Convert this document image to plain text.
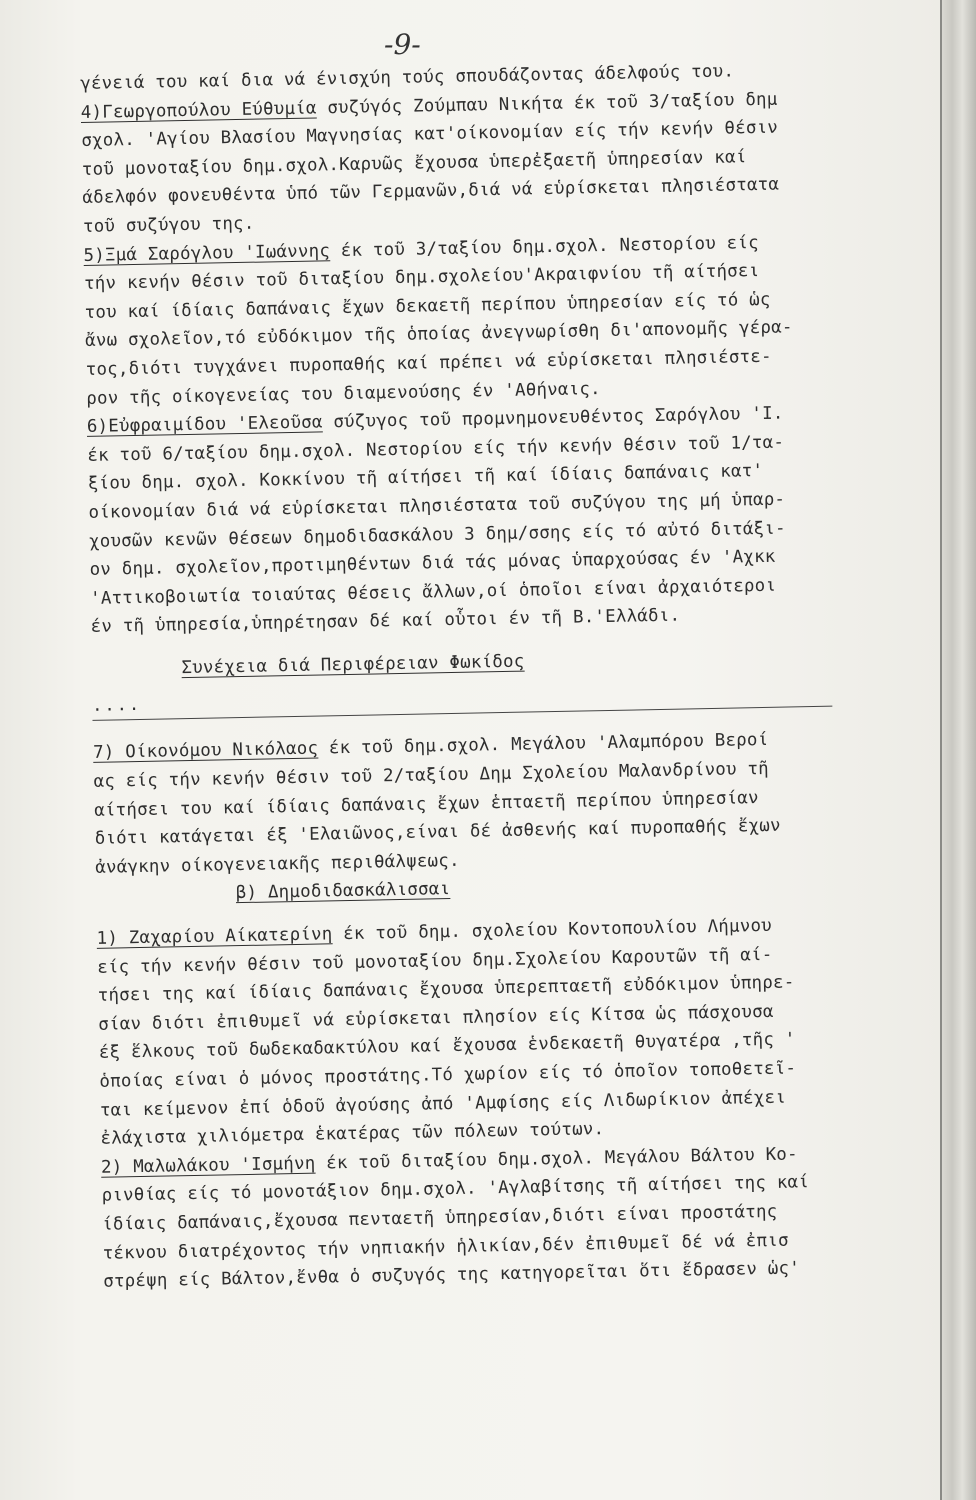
-9-
γένειά του καί δια νά ένισχύη τούς σπουδάζοντας άδελφούς του.
4)Γεωργοπούλου Εύθυμία συζύγός Ζούμπαυ Νικήτα έκ τοῦ 3/ταξίου δημ
σχολ. 'Αγίου Βλασίου Μαγνησίας κατ'οίκονομίαν είς τήν κενήν θέσιν
τοῦ μονοταξίου δημ.σχολ.Καρυῶς ἔχουσα ὑπερἐξαετῆ ὑπηρεσίαν καί
άδελφόν φονευθέντα ὑπό τῶν Γερμανῶν,διά νά εὑρίσκεται πλησιέστατα
τοῦ συζύγου της.
5)Ξμά Σαρόγλου 'Ιωάννης έκ τοῦ 3/ταξίου δημ.σχολ. Νεστορίου είς
τήν κενήν θέσιν τοῦ διταξίου δημ.σχολείου'Ακραιφνίου τῆ αίτήσει
του καί ίδίαις δαπάναις ἔχων δεκαετῆ περίπου ὑπηρεσίαν είς τό ὡς
ἄνω σχολεῖον,τό εὐδόκιμον τῆς ὁποίας ἀνεγνωρίσθη δι'απονομῆς γέρα-
τος,διότι τυγχάνει πυροπαθής καί πρέπει νά εὑρίσκεται πλησιέστε-
ρον τῆς οίκογενείας του διαμενούσης έν 'Αθήναις.
6)Εὐφραιμίδου 'Ελεοῦσα σύζυγος τοῦ προμνημονευθέντος Σαρόγλου 'Ι.
έκ τοῦ 6/ταξίου δημ.σχολ. Νεστορίου είς τήν κενήν θέσιν τοῦ 1/τα-
ξίου δημ. σχολ. Κοκκίνου τῆ αίτήσει τῆ καί ίδίαις δαπάναις κατ'
οίκονομίαν διά νά εὑρίσκεται πλησιέστατα τοῦ συζύγου της μή ὑπαρ-
χουσῶν κενῶν θέσεων δημοδιδασκάλου 3 δημ/σσης είς τό αὐτό διτάξι-
ον δημ. σχολεῖον,προτιμηθέντων διά τάς μόνας ὑπαρχούσας έν 'Αχκκ
'Αττικοβοιωτία τοιαύτας θέσεις ἄλλων,οί ὁποῖοι είναι ἀρχαιότεροι
έν τῆ ὑπηρεσία,ὑπηρέτησαν δέ καί οὗτοι έν τῆ Β.'Ελλάδι.
Συνέχεια διά Περιφέρειαν Φωκίδος
....
7) Οίκονόμου Νικόλαος έκ τοῦ δημ.σχολ. Μεγάλου 'Αλαμπόρου Βεροί
ας είς τήν κενήν θέσιν τοῦ 2/ταξίου Δημ Σχολείου Μαλανδρίνου τῆ
αίτήσει του καί ίδίαις δαπάναις ἔχων ἑπταετῆ περίπου ὑπηρεσίαν
διότι κατάγεται έξ 'Ελαιῶνος,είναι δέ ἀσθενής καί πυροπαθής ἔχων
ἀνάγκην οίκογενειακῆς περιθάλψεως.
β) Δημοδιδασκάλισσαι
1) Ζαχαρίου Αίκατερίνη έκ τοῦ δημ. σχολείου Κοντοπουλίου Λήμνου
είς τήν κενήν θέσιν τοῦ μονοταξίου δημ.Σχολείου Καρουτῶν τῆ αί-
τήσει της καί ίδίαις δαπάναις ἔχουσα ὑπερεπταετῆ εὐδόκιμον ὑπηρε-
σίαν διότι ἐπιθυμεῖ νά εὑρίσκεται πλησίον είς Κίτσα ὡς πάσχουσα
έξ ἕλκους τοῦ δωδεκαδακτύλου καί ἔχουσα ἑνδεκαετῆ θυγατέρα ,τῆς '
ὁποίας είναι ὁ μόνος προστάτης.Τό χωρίον είς τό ὁποῖον τοποθετεῖ-
ται κείμενον ἐπί ὁδοῦ ἀγούσης ἀπό 'Αμφίσης είς Λιδωρίκιον ἀπέχει
ἐλάχιστα χιλιόμετρα ἑκατέρας τῶν πόλεων τούτων.
2) Μαλωλάκου 'Ισμήνη έκ τοῦ διταξίου δημ.σχολ. Μεγάλου Βάλτου Κο-
ρινθίας είς τό μονοτάξιον δημ.σχολ. 'Αγλαβίτσης τῆ αίτήσει της καί
ίδίαις δαπάναις,ἔχουσα πενταετῆ ὑπηρεσίαν,διότι είναι προστάτης
τέκνου διατρέχοντος τήν νηπιακήν ἡλικίαν,δέν ἐπιθυμεῖ δέ νά ἐπισ
στρέψη είς Βάλτον,ἔνθα ὁ συζυγός της κατηγορεῖται ὅτι ἔδρασεν ὡς'
